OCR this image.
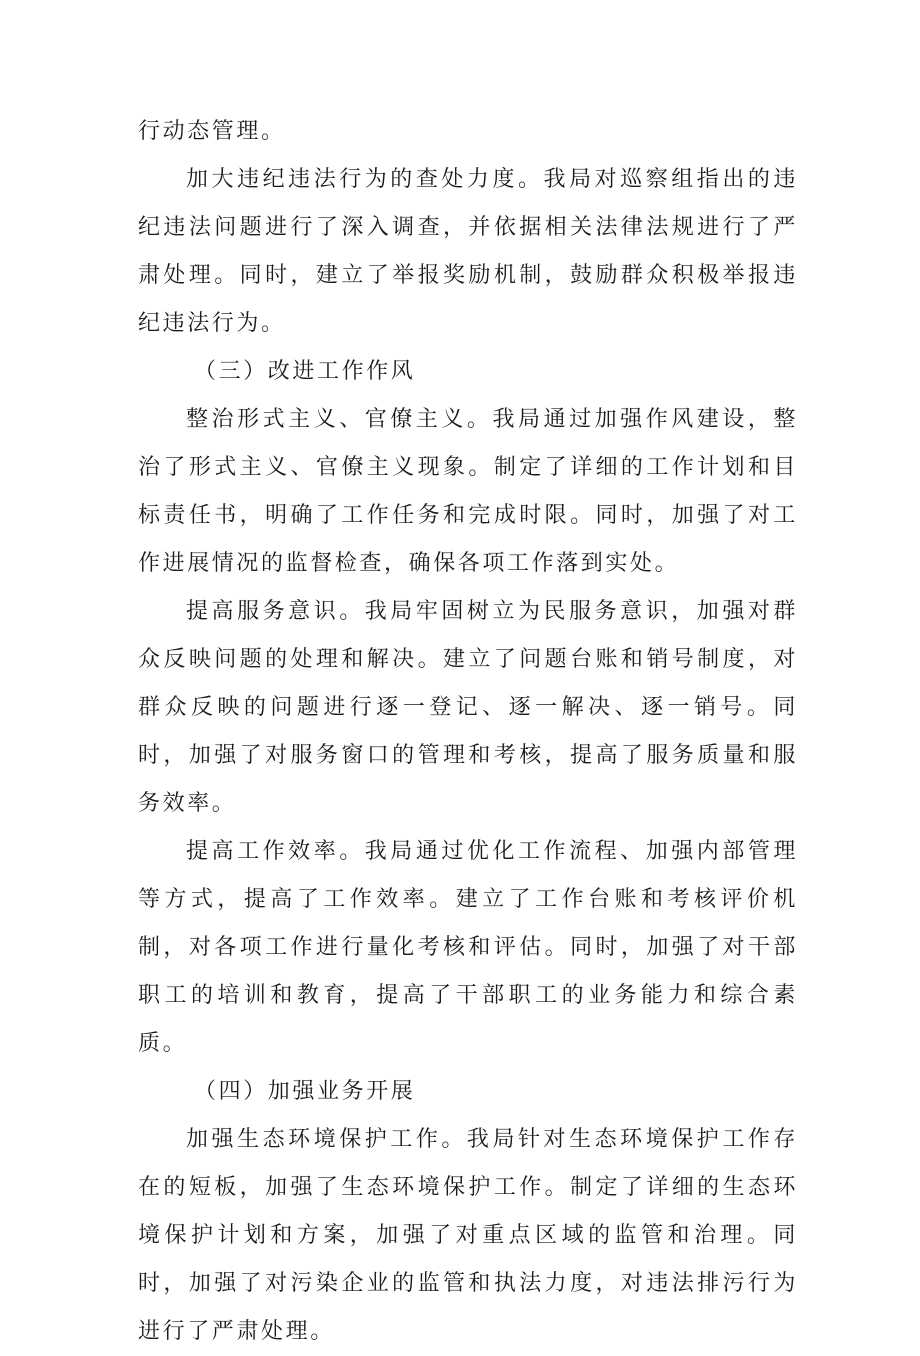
行动态管理。

加大违纪违法行为的查处力度。我局对巡察组指出的违纪违法问题进行了深入调查，并依据相关法律法规进行了严肃处理。同时，建立了举报奖励机制，鼓励群众积极举报违纪违法行为。

（三）改进工作作风

整治形式主义、官僚主义。我局通过加强作风建设，整治了形式主义、官僚主义现象。制定了详细的工作计划和目标责任书，明确了工作任务和完成时限。同时，加强了对工作进展情况的监督检查，确保各项工作落到实处。

提高服务意识。我局牢固树立为民服务意识，加强对群众反映问题的处理和解决。建立了问题台账和销号制度，对群众反映的问题进行逐一登记、逐一解决、逐一销号。同时，加强了对服务窗口的管理和考核，提高了服务质量和服务效率。

提高工作效率。我局通过优化工作流程、加强内部管理等方式，提高了工作效率。建立了工作台账和考核评价机制，对各项工作进行量化考核和评估。同时，加强了对干部职工的培训和教育，提高了干部职工的业务能力和综合素质。

（四）加强业务开展

加强生态环境保护工作。我局针对生态环境保护工作存在的短板，加强了生态环境保护工作。制定了详细的生态环境保护计划和方案，加强了对重点区域的监管和治理。同时，加强了对污染企业的监管和执法力度，对违法排污行为进行了严肃处理。
